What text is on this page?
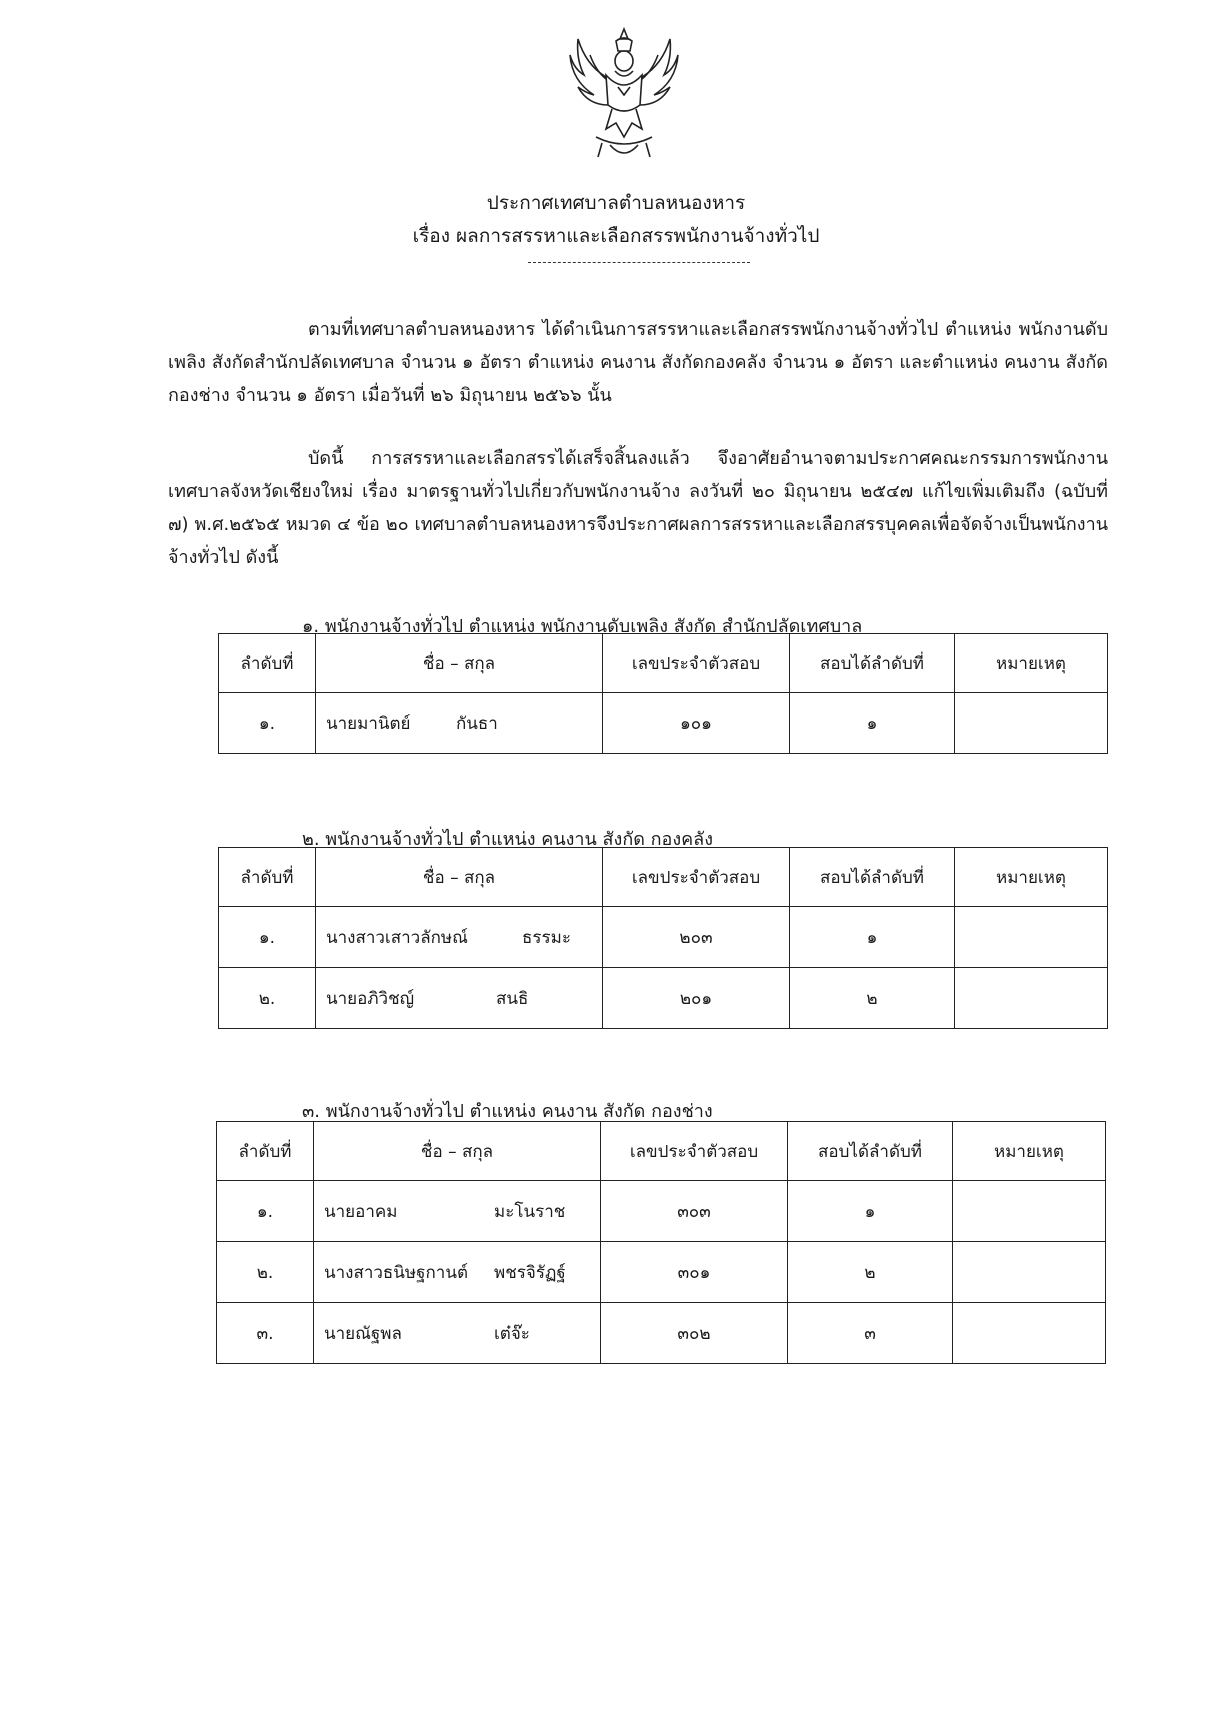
ประกาศเทศบาลตำบลหนองหาร
เรื่อง ผลการสรรหาและเลือกสรรพนักงานจ้างทั่วไป
ตามที่เทศบาลตำบลหนองหาร ได้ดำเนินการสรรหาและเลือกสรรพนักงานจ้างทั่วไป ตำแหน่ง พนักงานดับเพลิง สังกัดสำนักปลัดเทศบาล จำนวน ๑ อัตรา ตำแหน่ง คนงาน สังกัดกองคลัง จำนวน ๑ อัตรา และตำแหน่ง คนงาน สังกัดกองช่าง จำนวน ๑ อัตรา เมื่อวันที่ ๒๖ มิถุนายน ๒๕๖๖ นั้น
บัดนี้ การสรรหาและเลือกสรรได้เสร็จสิ้นลงแล้ว จึงอาศัยอำนาจตามประกาศคณะกรรมการพนักงานเทศบาลจังหวัดเชียงใหม่ เรื่อง มาตรฐานทั่วไปเกี่ยวกับพนักงานจ้าง ลงวันที่ ๒๐ มิถุนายน ๒๕๔๗ แก้ไขเพิ่มเติมถึง (ฉบับที่ ๗) พ.ศ.๒๕๖๕ หมวด ๔ ข้อ ๒๐ เทศบาลตำบลหนองหารจึงประกาศผลการสรรหาและเลือกสรรบุคคลเพื่อจัดจ้างเป็นพนักงานจ้างทั่วไป ดังนี้
๑. พนักงานจ้างทั่วไป ตำแหน่ง พนักงานดับเพลิง สังกัด สำนักปลัดเทศบาล
ลำดับที่	ชื่อ – สกุล	เลขประจำตัวสอบ	สอบได้ลำดับที่	หมายเหตุ
๑.	นายมานิตย์ กันธา	๑๐๑	๑	
๒. พนักงานจ้างทั่วไป ตำแหน่ง คนงาน สังกัด กองคลัง
ลำดับที่	ชื่อ – สกุล	เลขประจำตัวสอบ	สอบได้ลำดับที่	หมายเหตุ
๑.	นางสาวเสาวลักษณ์ ธรรมะ	๒๐๓	๑	
๒.	นายอภิวิชญ์ สนธิ	๒๐๑	๒	
๓. พนักงานจ้างทั่วไป ตำแหน่ง คนงาน สังกัด กองช่าง
ลำดับที่	ชื่อ – สกุล	เลขประจำตัวสอบ	สอบได้ลำดับที่	หมายเหตุ
๑.	นายอาคม มะโนราช	๓๐๓	๑	
๒.	นางสาวธนิษฐกานต์ พชรจิรัฏฐ์	๓๐๑	๒	
๓.	นายณัฐพล เต๋จ๊ะ	๓๐๒	๓	
